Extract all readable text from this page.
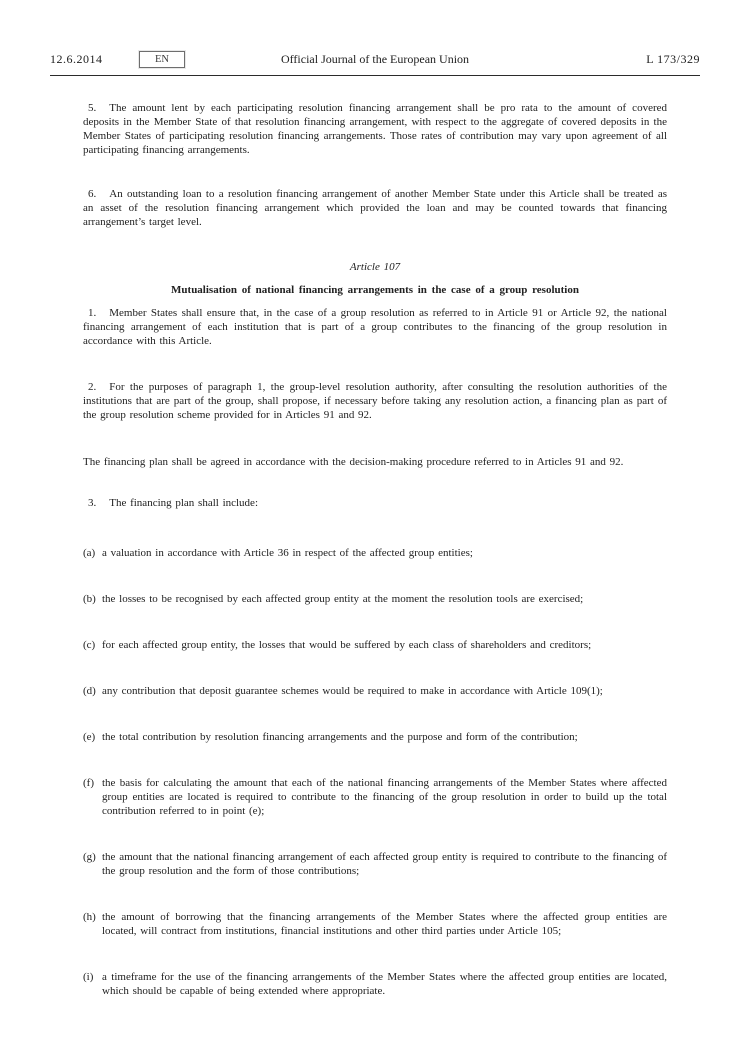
12.6.2014	EN	Official Journal of the European Union	L 173/329

5. The amount lent by each participating resolution financing arrangement shall be pro rata to the amount of covered deposits in the Member State of that resolution financing arrangement, with respect to the aggregate of covered deposits in the Member States of participating resolution financing arrangements. Those rates of contribution may vary upon agreement of all participating financing arrangements.

6. An outstanding loan to a resolution financing arrangement of another Member State under this Article shall be treated as an asset of the resolution financing arrangement which provided the loan and may be counted towards that financing arrangement’s target level.

Article 107
Mutualisation of national financing arrangements in the case of a group resolution

1. Member States shall ensure that, in the case of a group resolution as referred to in Article 91 or Article 92, the national financing arrangement of each institution that is part of a group contributes to the financing of the group resolution in accordance with this Article.

2. For the purposes of paragraph 1, the group-level resolution authority, after consulting the resolution authorities of the institutions that are part of the group, shall propose, if necessary before taking any resolution action, a financing plan as part of the group resolution scheme provided for in Articles 91 and 92.

The financing plan shall be agreed in accordance with the decision-making procedure referred to in Articles 91 and 92.

3. The financing plan shall include:

(a) a valuation in accordance with Article 36 in respect of the affected group entities;
(b) the losses to be recognised by each affected group entity at the moment the resolution tools are exercised;
(c) for each affected group entity, the losses that would be suffered by each class of shareholders and creditors;
(d) any contribution that deposit guarantee schemes would be required to make in accordance with Article 109(1);
(e) the total contribution by resolution financing arrangements and the purpose and form of the contribution;
(f) the basis for calculating the amount that each of the national financing arrangements of the Member States where affected group entities are located is required to contribute to the financing of the group resolution in order to build up the total contribution referred to in point (e);
(g) the amount that the national financing arrangement of each affected group entity is required to contribute to the financing of the group resolution and the form of those contributions;
(h) the amount of borrowing that the financing arrangements of the Member States where the affected group entities are located, will contract from institutions, financial institutions and other third parties under Article 105;
(i) a timeframe for the use of the financing arrangements of the Member States where the affected group entities are located, which should be capable of being extended where appropriate.
